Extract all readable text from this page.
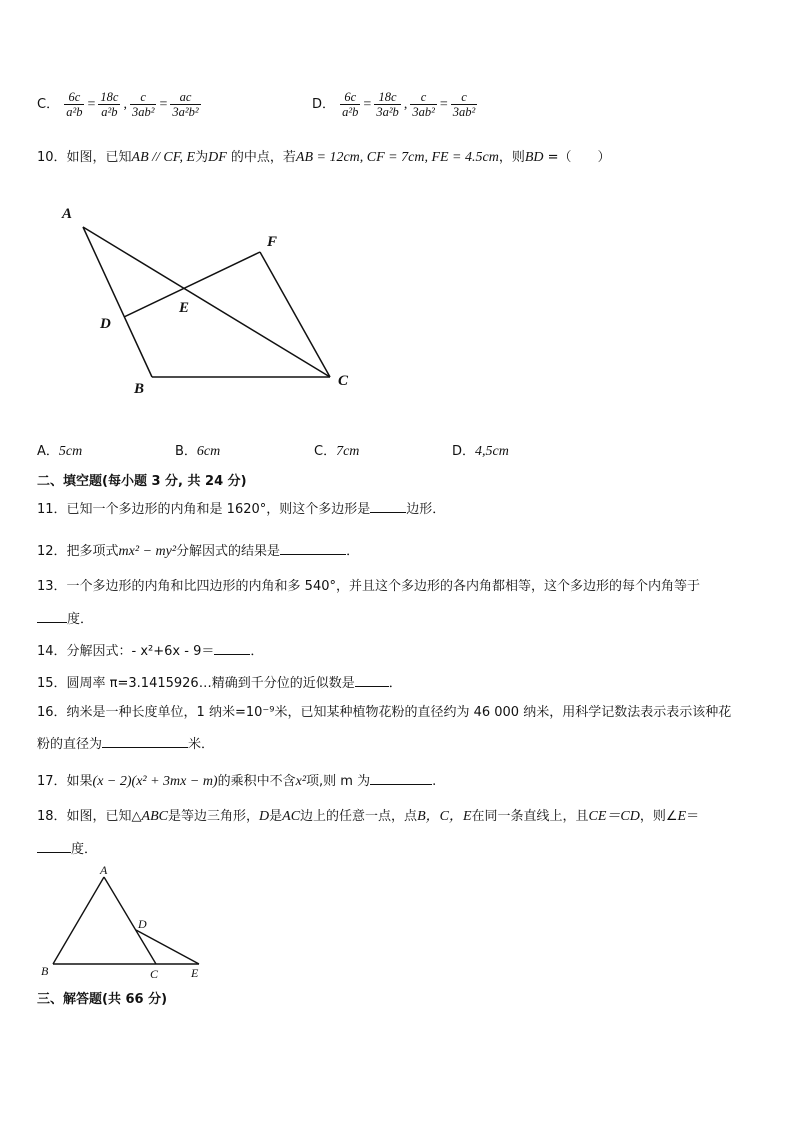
C． $\frac{6c}{\text{a²b}} = \frac{18c}{\text{a²b}}$ , $\frac{c}{\text{3ab²}} = \frac{ac}{\text{3a²b²}}$	D． $\frac{6c}{\text{a²b}} = \frac{18c}{\text{3a²b}}$ , $\frac{c}{\text{3ab²}} = \frac{c}{\text{3ab²}}$
10．如图，已知AB // CF, E为DF 的中点，若AB = 12cm, CF = 7cm, FE = 4.5cm，则BD =（　　）
A
B	C
D
E
F
A．5cm	B．6cm	C．7cm	D．4,5cm
二、填空题(每小题 3 分, 共 24 分)
11．已知一个多边形的内角和是 1620°，则这个多边形是	边形．
12．把多项式mx² − my²分解因式的结果是	．
13．一个多边形的内角和比四边形的内角和多 540°，并且这个多边形的各内角都相等，这个多边形的每个内角等于
度．
14．分解因式：- x²+6x - 9＝	．
15．圆周率 π=3.1415926…精确到千分位的近似数是	．
16．纳米是一种长度单位，1 纳米=10⁻⁹米，已知某种植物花粉的直径约为 46 000 纳米，用科学记数法表示表示该种花
粉的直径为	米．
17．如果(x − 2)(x² + 3mx − m)的乘积中不含x²项,则 m 为	.
18．如图，已知△ABC是等边三角形，D是AC边上的任意一点，点B，C，E在同一条直线上，且CE＝CD，则∠E＝
度．
A
B	C
D
E
三、解答题(共 66 分)
